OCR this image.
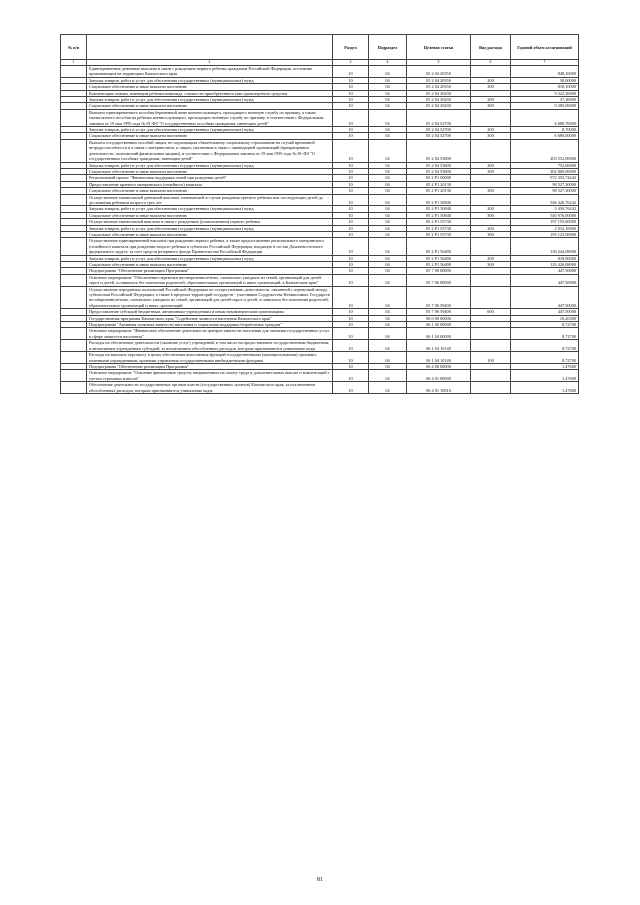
№ п/п		Раздел	Подраздел	Целевая статья	Вид расхода	Годовой объем ассигнований
1	2	3	4	5	6	7
	Единовременные денежные выплаты в связи с рождением первого ребенка гражданам Российской Федерации, постоянно проживающим на территории Камчатского края	10	04	05 2 04 20350		848,10000
	Закупка товаров, работ и услуг для обеспечения государственных (муниципальных) нужд	10	04	05 2 04 20350	200	30,00000
	Социальное обеспечение и иные выплаты населению	10	04	05 2 04 20350	300	818,10000
	Компенсация семьям, имеющим ребенка-инвалида, стоимости приобретенного ими транспортного средства	10	04	05 2 04 20430		9 322,30000
	Закупка товаров, работ и услуг для обеспечения государственных (муниципальных) нужд	10	04	05 2 04 20430	200	37,30000
	Социальное обеспечение и иные выплаты населению	10	04	05 2 04 20430	300	9 285,00000
	Выплата единовременного пособия беременной жене военнослужащего, проходящего военную службу по призыву, а также ежемесячного пособия на ребенка военнослужащего, проходящего военную службу по призыву, в соответствии с Федеральным законом от 19 мая 1995 года № 81-ФЗ "О государственных пособиях гражданам, имеющим детей"	10	04	05 2 04 52700		6 688,70000
	Закупка товаров, работ и услуг для обеспечения государственных (муниципальных) нужд	10	04	05 2 04 52700	200	8,70000
	Социальное обеспечение и иные выплаты населению	10	04	05 2 04 52700	300	6 680,00000
	Выплата государственных пособий лицам, не подлежащим обязательному социальному страхованию на случай временной нетрудоспособности и в связи с материнством, и лицам, уволенным в связи с ликвидацией организаций (прекращением деятельности, полномочий физическими лицами), в соответствии с Федеральным законом от 19 мая 1995 года № 81-ФЗ "О государственных пособиях гражданам, имеющим детей"	10	04	05 2 04 53800		203 552,00000
	Закупка товаров, работ и услуг для обеспечения государственных (муниципальных) нужд	10	04	05 2 04 53800	200	752,00000
	Социальное обеспечение и иные выплаты населению	10	04	05 2 04 53800	300	202 800,00000
	Региональный проект "Финансовая поддержка семей при рождении детей"	10	04	05 2 P1 00000		972 353,74242
	Предоставление краевого материнского (семейного) капитала	10	04	05 2 P1 20130		98 527,30000
	Социальное обеспечение и иные выплаты населению	10	04	05 2 P1 20130	300	98 527,30000
	Осуществление ежемесячной денежной выплаты, назначаемой в случае рождения третьего ребенка или последующих детей до достижения ребенком возраста трех лет	10	04	05 2 P1 50840		546 426,76242
	Закупка товаров, работ и услуг для обеспечения государственных (муниципальных) нужд	10	04	05 2 P1 50840	200	5 450,76242
	Социальное обеспечение и иные выплаты населению	10	04	05 2 P1 50840	300	540 976,00000
	Осуществление ежемесячной выплаты в связи с рождением (усыновлением) первого ребенка	10	04	05 2 P1 55730		197 155,60000
	Закупка товаров, работ и услуг для обеспечения государственных (муниципальных) нужд	10	04	05 2 P1 55730	200	2 032,10000
	Социальное обеспечение и иные выплаты населению	10	04	05 2 P1 55730	300	195 123,50000
	Осуществление единовременной выплаты при рождении первого ребенка, а также предоставление регионального материнского (семейного) капитала при рождении второго ребенка в субъектах Российской Федерации, входящих в состав Дальневосточного федерального округа, за счет средств резервного фонда Правительства Российской Федерации	10	04	05 2 P1 56400		130 244,08000
	Закупка товаров, работ и услуг для обеспечения государственных (муниципальных) нужд	10	04	05 2 P1 56400	200	818,00000
	Социальное обеспечение и иные выплаты населению	10	04	05 2 P1 56400	300	129 426,08000
	Подпрограмма "Обеспечение реализации Программы"	10	04	05 7 00 00000		447,50000
	Основное мероприятие "Обеспечение перевозки несовершеннолетних, самовольно ушедших из семей, организаций для детей-сирот и детей, оставшихся без попечения родителей, образовательных организаций и иных организаций, в Камчатском крае"	10	04	05 7 06 00000		447,50000
	Осуществление переданных полномочий Российской Федерации по осуществлению деятельности, связанной с перевозкой между субъектами Российской Федерации, а также в пределах территорий государств - участников Содружества Независимых Государств несовершеннолетних, самовольно ушедших из семей, организаций для детей-сирот и детей, оставшихся без попечения родителей, образовательных организаций и иных организаций	10	04	05 7 06 59400		447,50000
	Предоставление субсидий бюджетным, автономным учреждениям и иным некоммерческим организациям	10	04	05 7 06 59400	600	447,50000
	Государственная программа Камчатского края "Содействие занятости населения Камчатского края"	10	04	06 0 00 00000		10,20300
	Подпрограмма "Активная политика занятости населения и социальная поддержка безработных граждан"	10	04	06 1 00 00000		8,72700
	Основное мероприятие "Финансовое обеспечение деятельности центров занятости населения для оказания государственных услуг в сфере занятости населения"	10	04	06 1 04 00000		8,72700
	Расходы на обеспечение деятельности (оказание услуг) учреждений, в том числе на предоставление государственным бюджетным и автономным учреждениям субсидий, за исключением обособленных расходов, которым присваиваются уникальные коды	10	04	06 1 04 10140		8,72700
	Расходы на выплаты персоналу в целях обеспечения выполнения функций государственными (муниципальными) органами, казенными учреждениями, органами управления государственными внебюджетными фондами	10	04	06 1 04 10140	100	8,72700
	Подпрограмма "Обеспечение реализации Программы"	10	04	06 4 00 00000		1,47600
	Основное мероприятие "Освоение финансовых средств, направленных на оплату труда и дополнительных выплат и компенсаций с учетом страховых взносов"	10	04	06 4 01 00000		1,47600
	Обеспечение деятельности государственных органов власти (государственных органов) Камчатского края, за исключением обособленных расходов, которым присваиваются уникальные коды	10	04	06 4 01 10010		1,47600
81
